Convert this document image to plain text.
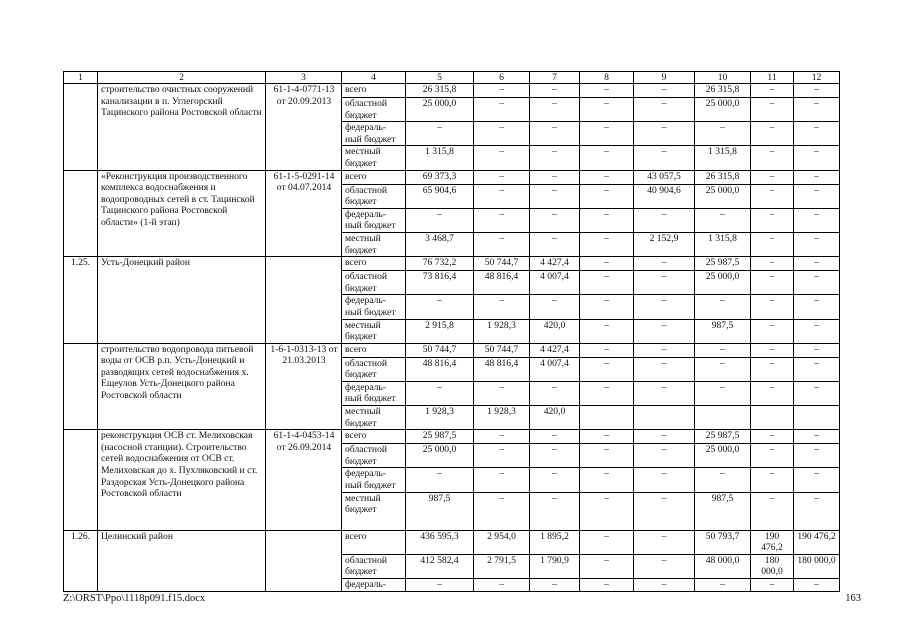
1	2	3	4	5	6	7	8	9	10	11	12
	строительство очистных сооружений канализации в п. Углегорский Тацинского района Ростовской области	61-1-4-0771-13 от 20.09.2013	всего	26 315,8	–	–	–	–	26 315,8	–	–
			областной бюджет	25 000,0	–	–	–	–	25 000,0	–	–
			федераль- ный бюджет	–	–	–	–	–	–	–	–
			местный бюджет	1 315,8	–	–	–	–	1 315,8	–	–
	«Реконструкция производственного комплекса водоснабжения и водопроводных сетей в ст. Тацинской Тацинского района Ростовской области» (1-й этап)	61-1-5-0291-14 от 04.07.2014	всего	69 373,3	–	–	–	43 057,5	26 315,8	–	–
			областной бюджет	65 904,6	–	–	–	40 904,6	25 000,0	–	–
			федераль- ный бюджет	–	–	–	–	–	–	–	–
			местный бюджет	3 468,7	–	–	–	2 152,9	1 315,8	–	–
1.25.	Усть-Донецкий район		всего	76 732,2	50 744,7	4 427,4	–	–	25 987,5	–	–
			областной бюджет	73 816,4	48 816,4	4 007,4	–	–	25 000,0	–	–
			федераль- ный бюджет	–	–	–	–	–	–	–	–
			местный бюджет	2 915,8	1 928,3	420,0	–	–	987,5	–	–
	строительство водопровода питьевой воды от ОСВ р.п. Усть-Донецкий и разводящих сетей водоснабжения х. Ещеулов Усть-Донецкого района Ростовской области	1-6-1-0313-13 от 21.03.2013	всего	50 744,7	50 744,7	4 427,4	–	–	–	–	–
			областной бюджет	48 816,4	48 816,4	4 007,4	–	–	–	–	–
			федераль- ный бюджет	–	–	–	–	–	–	–	–
			местный бюджет	1 928,3	1 928,3	420,0					
	реконструкция ОСВ ст. Мелиховская (насосной станции). Строительство сетей водоснабжения от ОСВ ст. Мелиховская до х. Пухляковский и ст. Раздорская Усть-Донецкого района Ростовской области	61-1-4-0453-14 от 26.09.2014	всего	25 987,5	–	–	–	–	25 987,5	–	–
			областной бюджет	25 000,0	–	–	–	–	25 000,0	–	–
			федераль- ный бюджет	–	–	–	–	–	–	–	–
			местный бюджет	987,5	–	–	–	–	987,5	–	–
1.26.	Целинский район		всего	436 595,3	2 954,0	1 895,2	–	–	50 793,7	190 476,2	190 476,2
			областной бюджет	412 582,4	2 791,5	1 790,9	–	–	48 000,0	180 000,0	180 000,0
			федераль-	–	–	–	–	–	–	–	–
Z:\ORST\Ppo\1118p091.f15.docx	163
